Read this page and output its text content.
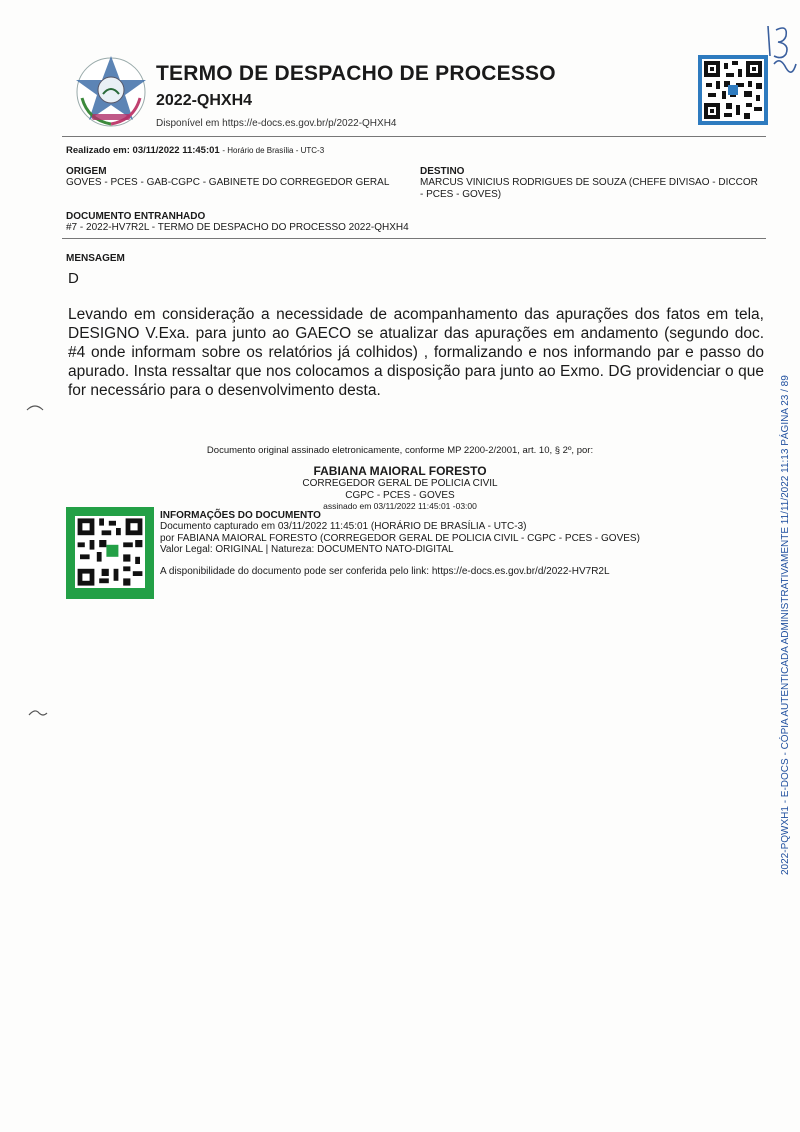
TERMO DE DESPACHO DE PROCESSO
2022-QHXH4
Disponível em https://e-docs.es.gov.br/p/2022-QHXH4
Realizado em: 03/11/2022 11:45:01 - Horário de Brasília - UTC-3
ORIGEM
GOVES - PCES - GAB-CGPC - GABINETE DO CORREGEDOR GERAL
DESTINO
MARCUS VINICIUS RODRIGUES DE SOUZA (CHEFE DIVISAO - DICCOR - PCES - GOVES)
DOCUMENTO ENTRANHADO
#7 - 2022-HV7R2L - TERMO DE DESPACHO DO PROCESSO 2022-QHXH4
MENSAGEM
D
Levando em consideração a necessidade de acompanhamento das apurações dos fatos em tela, DESIGNO V.Exa. para junto ao GAECO se atualizar das apurações em andamento (segundo doc. #4 onde informam sobre os relatórios já colhidos) , formalizando e nos informando par e passo do apurado. Insta ressaltar que nos colocamos a disposição para junto ao Exmo. DG providenciar o que for necessário para o desenvolvimento desta.
Documento original assinado eletronicamente, conforme MP 2200-2/2001, art. 10, § 2º, por:
FABIANA MAIORAL FORESTO
CORREGEDOR GERAL DE POLICIA CIVIL
CGPC - PCES - GOVES
assinado em 03/11/2022 11:45:01 -03:00
INFORMAÇÕES DO DOCUMENTO
Documento capturado em 03/11/2022 11:45:01 (HORÁRIO DE BRASÍLIA - UTC-3)
por FABIANA MAIORAL FORESTO (CORREGEDOR GERAL DE POLICIA CIVIL - CGPC - PCES - GOVES)
Valor Legal: ORIGINAL | Natureza: DOCUMENTO NATO-DIGITAL
A disponibilidade do documento pode ser conferida pelo link: https://e-docs.es.gov.br/d/2022-HV7R2L	2022-PQWXH1 - E-DOCS - CÓPIA AUTENTICADA ADMINISTRATIVAMENTE 11/11/2022 11:13 PÁGINA 23 / 89
